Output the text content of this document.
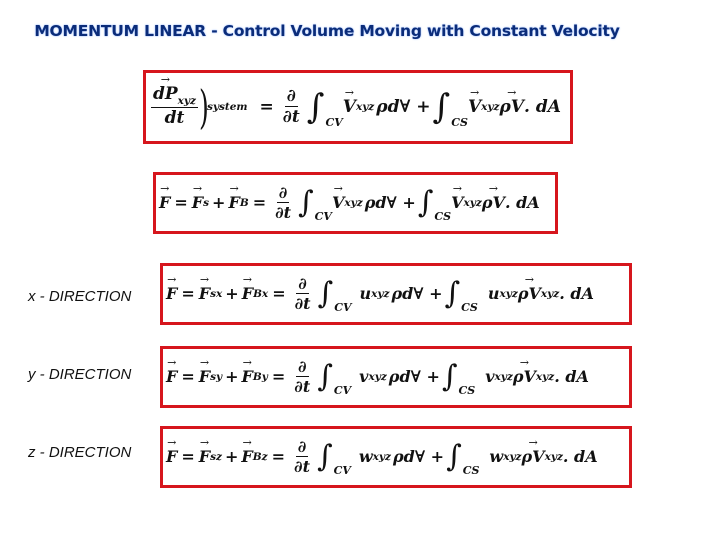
MOMENTUM LINEAR - Control Volume Moving with Constant Velocity
→ $\frac{dP_{xyz}}{dt}$ )
system = $\frac{\partial}{\partial t}$ ∫ CV
→ V xyz ρd∀ + ∫ CS
→ V xyz → ρV . dA
→ F = → F s + → F $B = \frac{\partial}{\partial t}$ ∫ CV
→ V xyz ρd∀ + ∫ CS
→ V xyz → ρV . dA
x - DIRECTION → F = → F sx + → F $Bx = \frac{\partial}{\partial t}$ ∫ CV
u xyz ρd∀ + ∫ CS
u xyz → ρV xyz . dA
y - DIRECTION → F = → F sy + → F $By = \frac{\partial}{\partial t}$ ∫ CV
v xyz ρd∀ + ∫ CS
v xyz → ρV xyz . dA
z - DIRECTION → F = → F sz + → F $Bz = \frac{\partial}{\partial t}$ ∫ CV
w xyz ρd∀ + ∫ CS
w xyz → ρV xyz . dA
